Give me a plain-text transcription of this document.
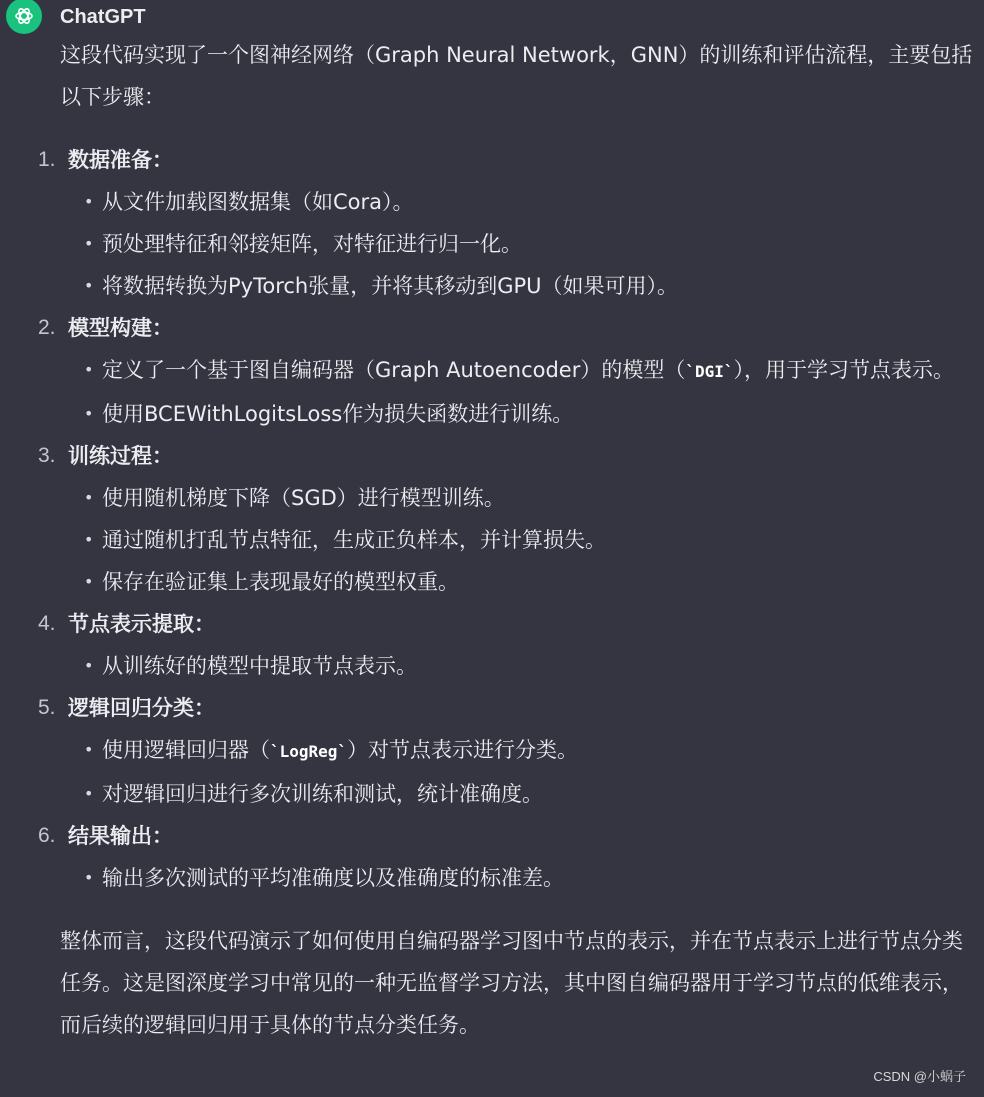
ChatGPT

这段代码实现了一个图神经网络（Graph Neural Network，GNN）的训练和评估流程，主要包括以下步骤：

1. 数据准备：
• 从文件加载图数据集（如Cora）。
• 预处理特征和邻接矩阵，对特征进行归一化。
• 将数据转换为PyTorch张量，并将其移动到GPU（如果可用）。
2. 模型构建：
• 定义了一个基于图自编码器（Graph Autoencoder）的模型（`DGI`），用于学习节点表示。
• 使用BCEWithLogitsLoss作为损失函数进行训练。
3. 训练过程：
• 使用随机梯度下降（SGD）进行模型训练。
• 通过随机打乱节点特征，生成正负样本，并计算损失。
• 保存在验证集上表现最好的模型权重。
4. 节点表示提取：
• 从训练好的模型中提取节点表示。
5. 逻辑回归分类：
• 使用逻辑回归器（`LogReg`）对节点表示进行分类。
• 对逻辑回归进行多次训练和测试，统计准确度。
6. 结果输出：
• 输出多次测试的平均准确度以及准确度的标准差。

整体而言，这段代码演示了如何使用自编码器学习图中节点的表示，并在节点表示上进行节点分类任务。这是图深度学习中常见的一种无监督学习方法，其中图自编码器用于学习节点的低维表示，而后续的逻辑回归用于具体的节点分类任务。

CSDN @小蜗子
